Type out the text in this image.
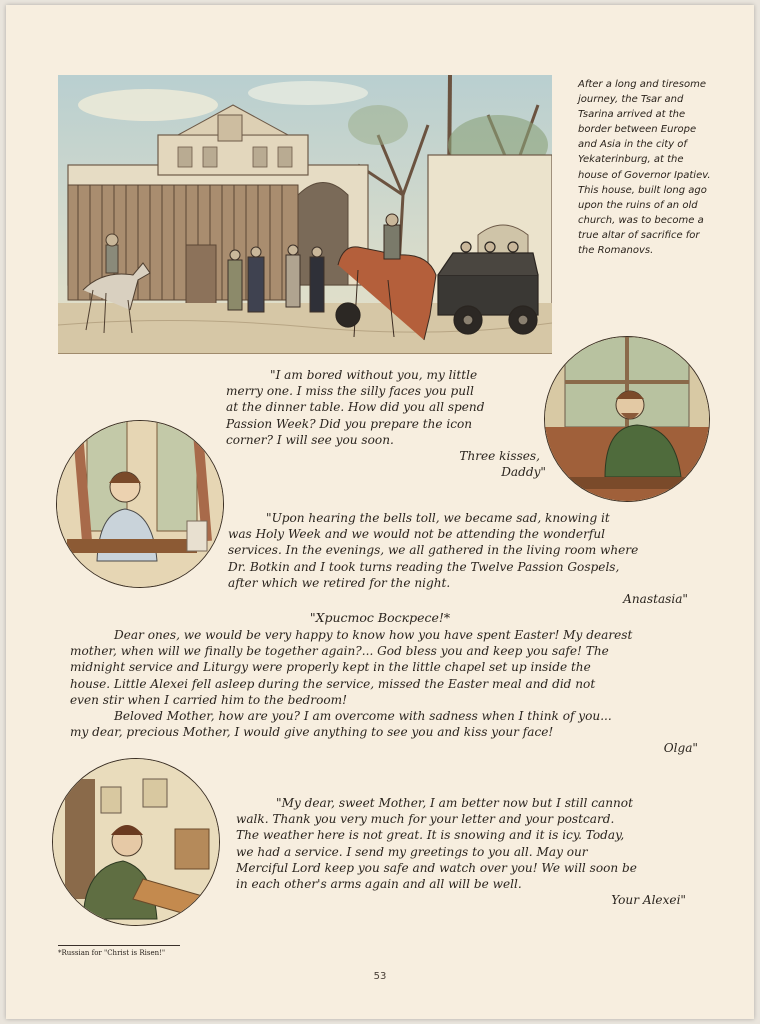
After a long and tiresome journey, the Tsar and Tsarina arrived at the border between Europe and Asia in the city of Yekaterinburg, at the house of Governor Ipatiev. This house, built long ago upon the ruins of an old church, was to become a true altar of sacrifice for the Romanovs.
"I am bored without you, my little
merry one. I miss the silly faces you pull
at the dinner table. How did you all spend
Passion Week? Did you prepare the icon
corner? I will see you soon.
Three kisses,
Daddy"
"Upon hearing the bells toll, we became sad, knowing it
was Holy Week and we would not be attending the wonderful
services. In the evenings, we all gathered in the living room where
Dr. Botkin and I took turns reading the Twelve Passion Gospels,
after which we retired for the night.
Anastasia"
"Христос Воскресе!*
Dear ones, we would be very happy to know how you have spent Easter! My dearest
mother, when will we finally be together again?... God bless you and keep you safe! The
midnight service and Liturgy were properly kept in the little chapel set up inside the
house. Little Alexei fell asleep during the service, missed the Easter meal and did not
even stir when I carried him to the bedroom!
Beloved Mother, how are you? I am overcome with sadness when I think of you...
my dear, precious Mother, I would give anything to see you and kiss your face!
Olga"
"My dear, sweet Mother, I am better now but I still cannot
walk. Thank you very much for your letter and your postcard.
The weather here is not great. It is snowing and it is icy. Today,
we had a service. I send my greetings to you all. May our
Merciful Lord keep you safe and watch over you! We will soon be
in each other's arms again and all will be well.
Your Alexei"
*Russian for "Christ is Risen!"
53
